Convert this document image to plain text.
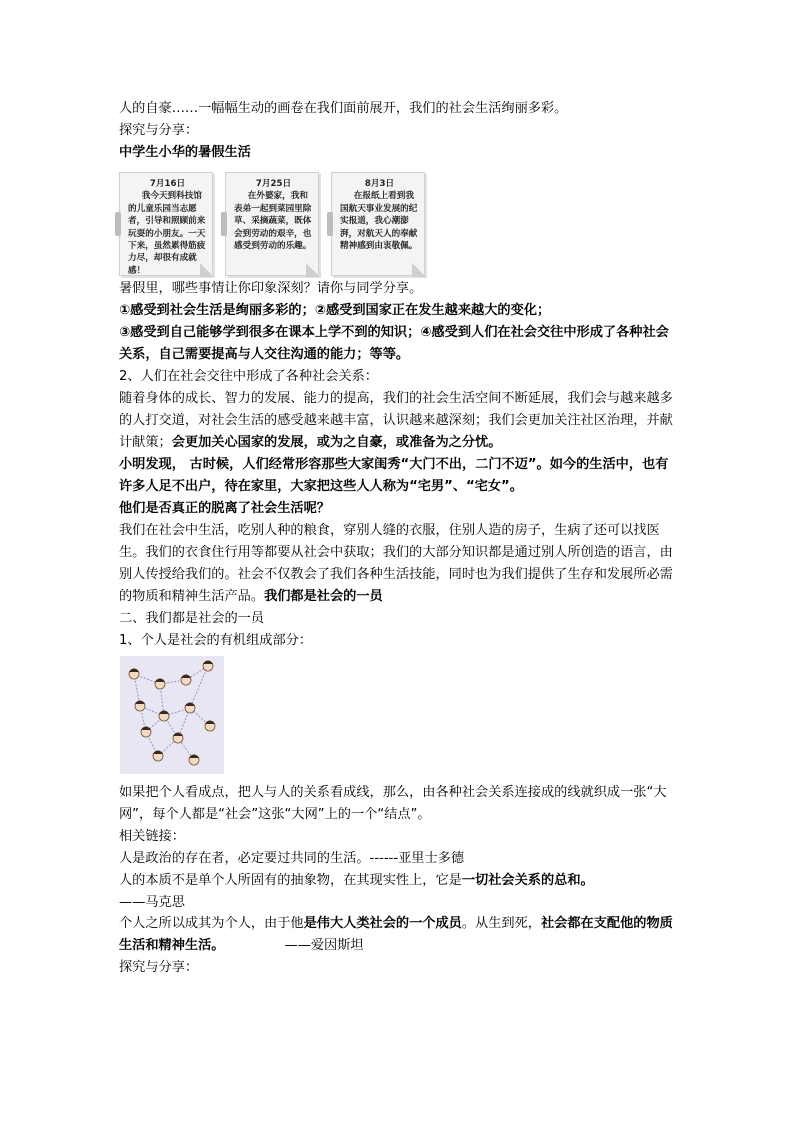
人的自豪……一幅幅生动的画卷在我们面前展开，我们的社会生活绚丽多彩。

探究与分享：

中学生小华的暑假生活

7月16日
我今天到科技馆的儿童乐园当志愿者，引导和照顾前来玩耍的小朋友。一天下来，虽然累得筋疲力尽，却很有成就感！
7月25日
在外婆家，我和表弟一起到菜园里除草、采摘蔬菜，既体会到劳动的艰辛，也感受到劳动的乐趣。
8月3日
在报纸上看到我国航天事业发展的纪实报道，我心潮澎湃，对航天人的奉献精神感到由衷敬佩。

暑假里，哪些事情让你印象深刻？请你与同学分享。

①感受到社会生活是绚丽多彩的；②感受到国家正在发生越来越大的变化；

③感受到自己能够学到很多在课本上学不到的知识；④感受到人们在社会交往中形成了各种社会关系，自己需要提高与人交往沟通的能力；等等。

2、人们在社会交往中形成了各种社会关系：

随着身体的成长、智力的发展、能力的提高，我们的社会生活空间不断延展，我们会与越来越多的人打交道，对社会生活的感受越来越丰富，认识越来越深刻；我们会更加关注社区治理，并献计献策；会更加关心国家的发展，或为之自豪，或准备为之分忧。

小明发现， 古时候，人们经常形容那些大家闺秀“大门不出，二门不迈”。如今的生活中，也有许多人足不出户，待在家里，大家把这些人人称为“宅男”、“宅女”。

他们是否真正的脱离了社会生活呢？

我们在社会中生活，吃别人种的粮食，穿别人缝的衣服，住别人造的房子，生病了还可以找医生。我们的衣食住行用等都要从社会中获取；我们的大部分知识都是通过别人所创造的语言，由别人传授给我们的。社会不仅教会了我们各种生活技能，同时也为我们提供了生存和发展所必需的物质和精神生活产品。我们都是社会的一员

二、我们都是社会的一员

1、个人是社会的有机组成部分：

如果把个人看成点，把人与人的关系看成线，那么，由各种社会关系连接成的线就织成一张“大网”，每个人都是“社会”这张“大网”上的一个“结点”。

相关链接：

人是政治的存在者，必定要过共同的生活。------亚里士多德

人的本质不是单个人所固有的抽象物，在其现实性上，它是一切社会关系的总和。

——马克思

个人之所以成其为个人，由于他是伟大人类社会的一个成员。从生到死，社会都在支配他的物质生活和精神生活。	——爱因斯坦

探究与分享：
